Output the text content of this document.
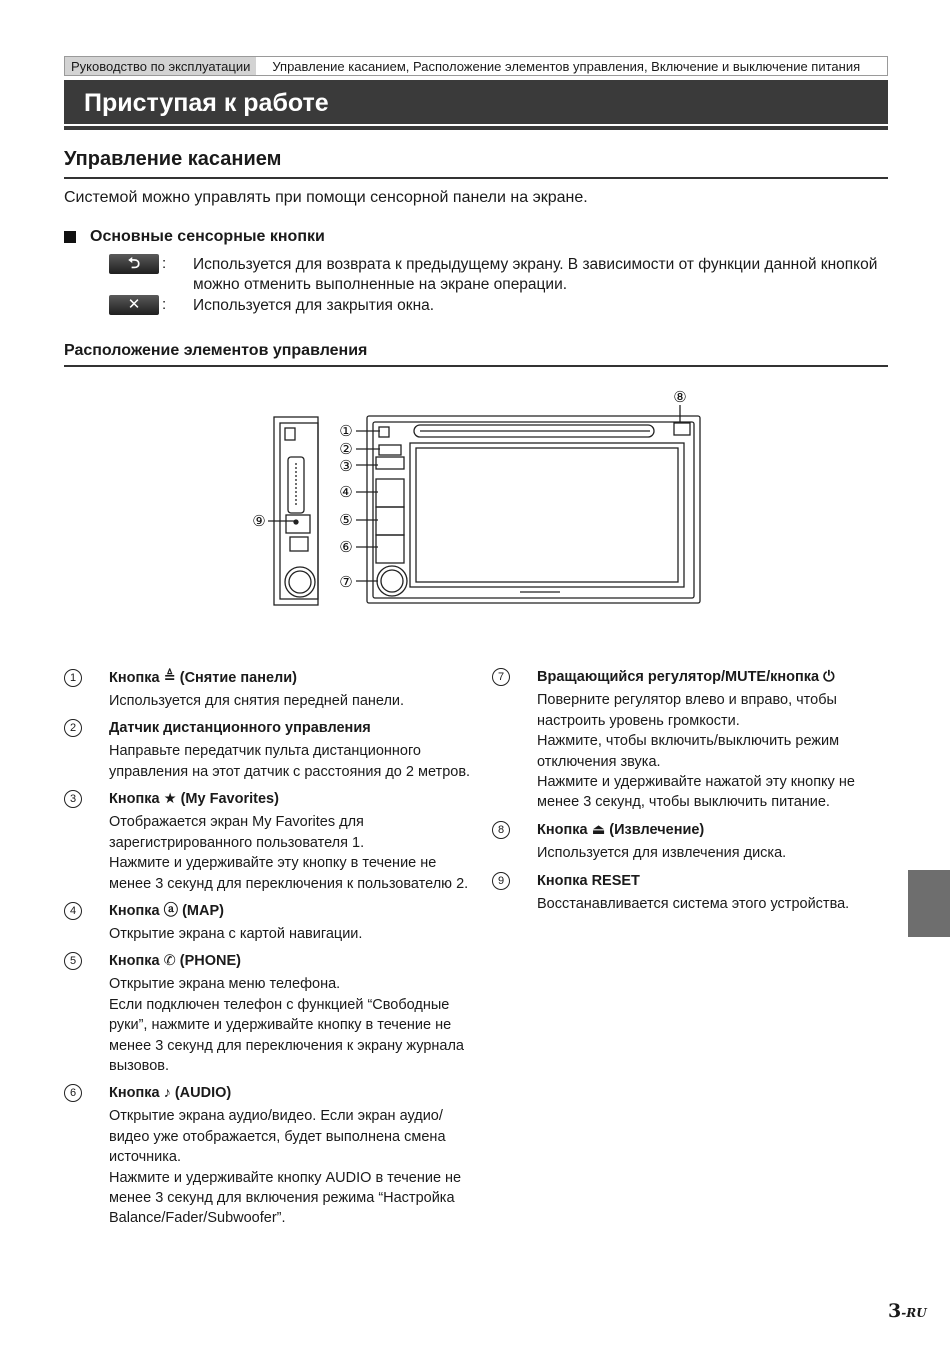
Руководство по эксплуатации	Управление касанием, Расположение элементов управления, Включение и выключение питания
Приступая к работе
Управление касанием
Системой можно управлять при помощи сенсорной панели на экране.
Основные сенсорные кнопки
⮌	: Используется для возврата к предыдущему экрану. В зависимости от функции данной кнопкой можно отменить выполненные на экране операции.
✕	: Используется для закрытия окна.
Расположение элементов управления
①
②
③
④
⑤
⑥
⑦
⑧
⑨
1	Кнопка ≜ (Снятие панели)
Используется для снятия передней панели.
2	Датчик дистанционного управления
Направьте передатчик пульта дистанционного
управления на этот датчик с расстояния до 2 метров.
3	Кнопка ★ (My Favorites)
Отображается экран My Favorites для
зарегистрированного пользователя 1.
Нажмите и удерживайте эту кнопку в течение не
менее 3 секунд для переключения к пользователю 2.
4	Кнопка ⓐ (MAP)
Открытие экрана с картой навигации.
5	Кнопка ✆ (PHONE)
Открытие экрана меню телефона.
Если подключен телефон с функцией “Свободные
руки”, нажмите и удерживайте кнопку в течение не
менее 3 секунд для переключения к экрану журнала
вызовов.
6	Кнопка ♪ (AUDIO)
Открытие экрана аудио/видео. Если экран аудио/
видео уже отображается, будет выполнена смена
источника.
Нажмите и удерживайте кнопку AUDIO в течение не
менее 3 секунд для включения режима “Настройка
Balance/Fader/Subwoofer”.
7	Вращающийся регулятор/MUTE/кнопка ⏻
Поверните регулятор влево и вправо, чтобы
настроить уровень громкости.
Нажмите, чтобы включить/выключить режим
отключения звука.
Нажмите и удерживайте нажатой эту кнопку не
менее 3 секунд, чтобы выключить питание.
8	Кнопка ⏏ (Извлечение)
Используется для извлечения диска.
9	Кнопка RESET
Восстанавливается система этого устройства.
3-RU
